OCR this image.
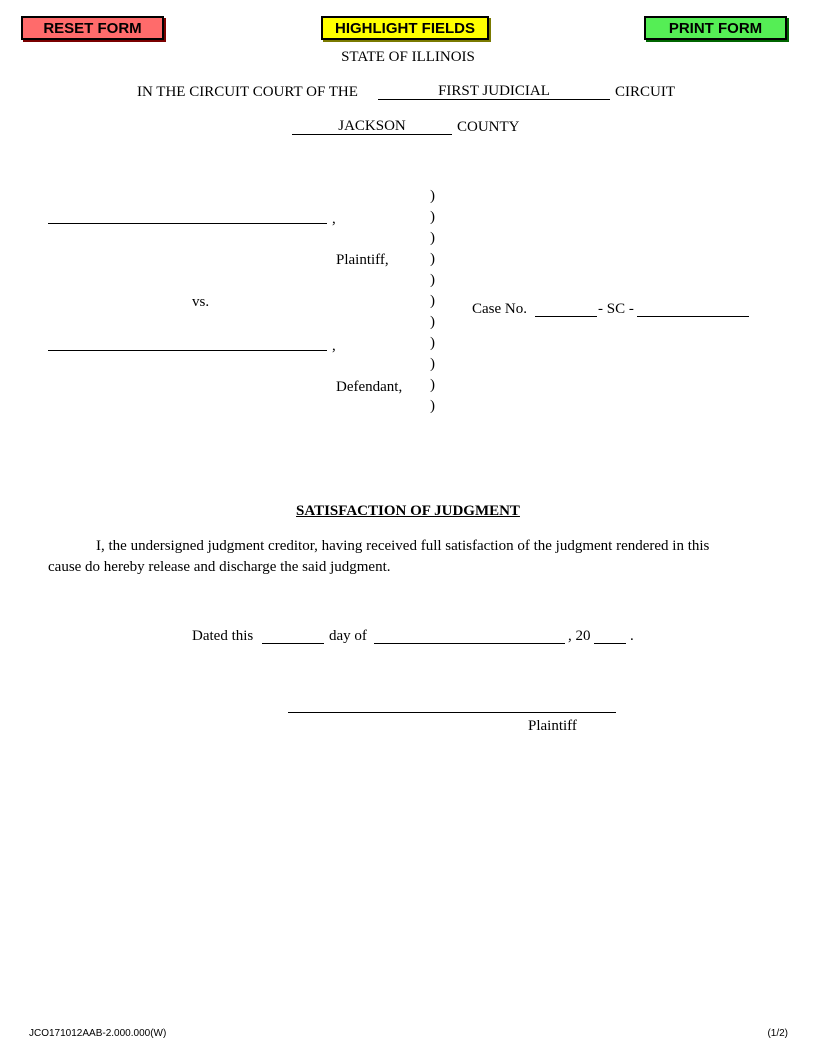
RESET FORM	HIGHLIGHT FIELDS	PRINT FORM
STATE OF ILLINOIS
IN THE CIRCUIT COURT OF THE	FIRST JUDICIAL	CIRCUIT
JACKSON	COUNTY
,
Plaintiff,
vs.
,
Defendant,
)
)
)
)
)
)
)
)
)
)
)
Case No.	- SC -
SATISFACTION OF JUDGMENT
I, the undersigned judgment creditor, having received full satisfaction of the judgment rendered in this
cause do hereby release and discharge the said judgment.
Dated this	day of	, 20	.
Plaintiff
JCO171012AAB-2.000.000(W)	(1/2)
